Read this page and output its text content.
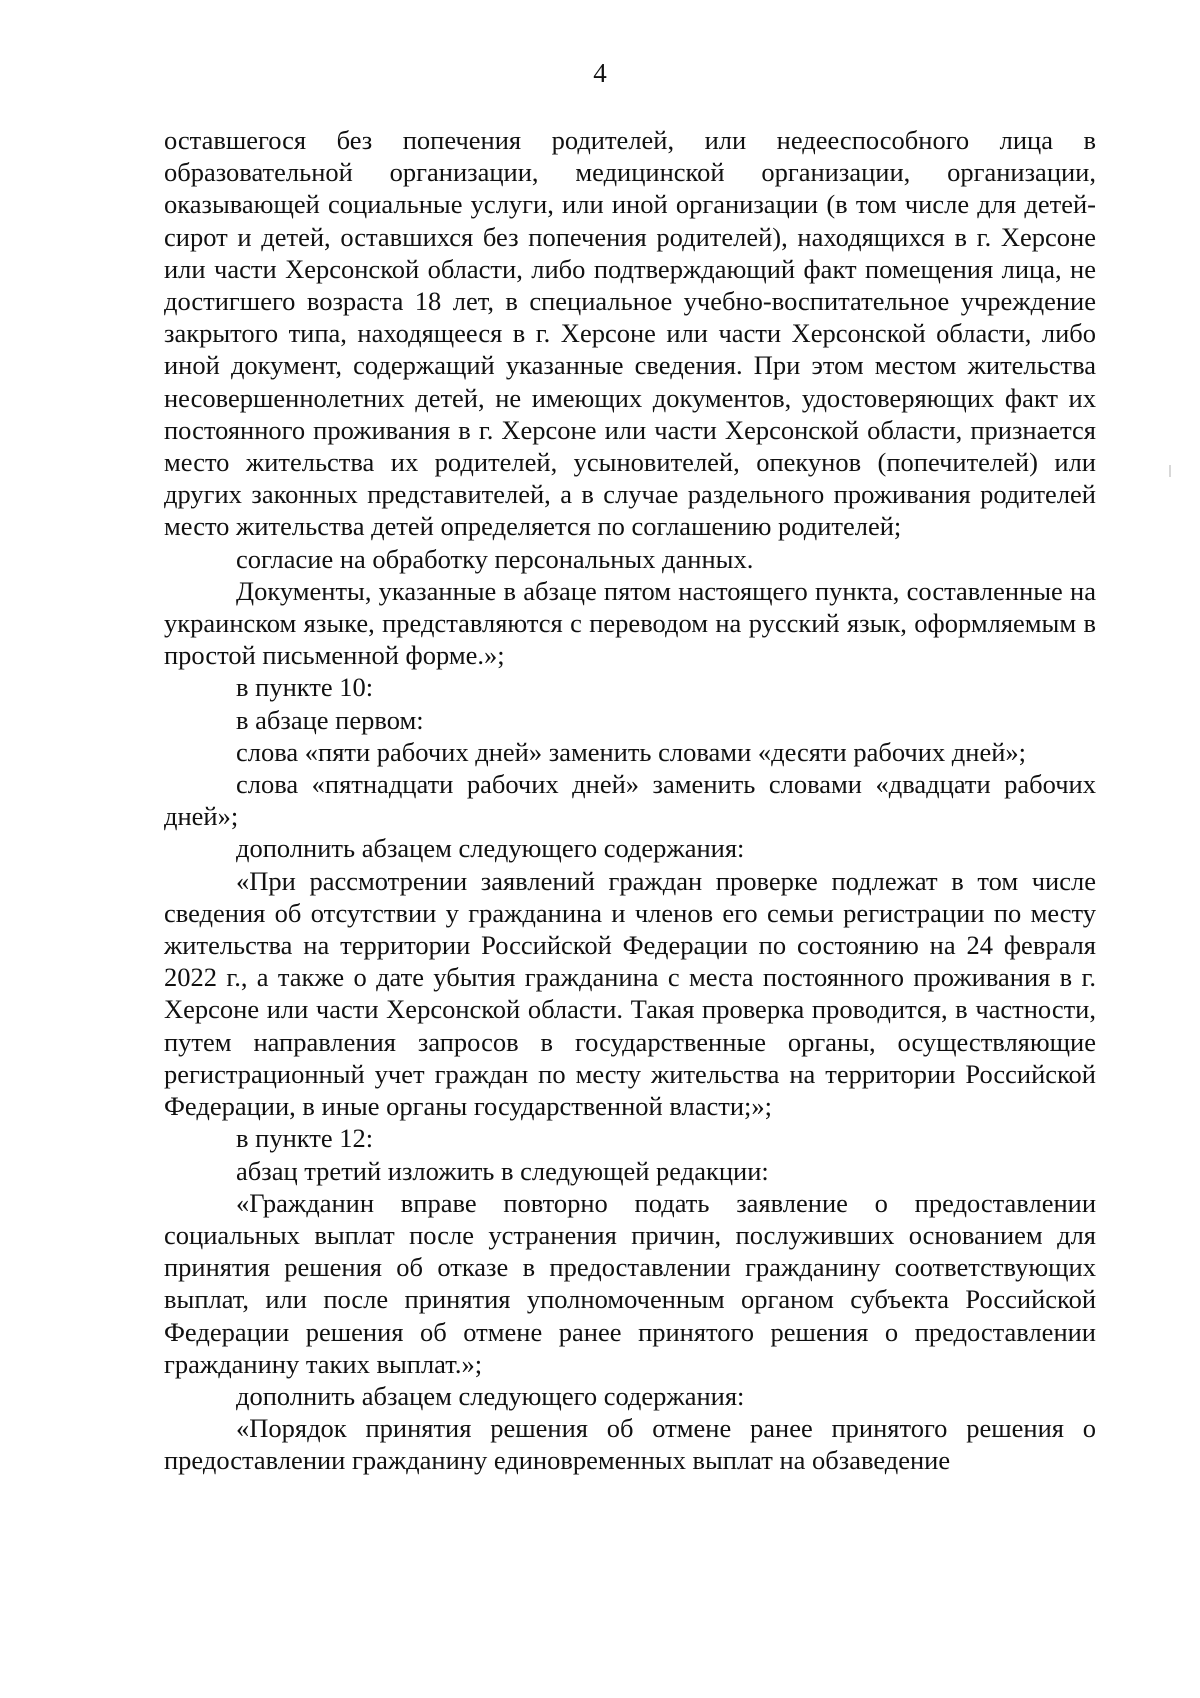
4

оставшегося без попечения родителей, или недееспособного лица в образовательной организации, медицинской организации, организации, оказывающей социальные услуги, или иной организации (в том числе для детей-сирот и детей, оставшихся без попечения родителей), находящихся в г. Херсоне или части Херсонской области, либо подтверждающий факт помещения лица, не достигшего возраста 18 лет, в специальное учебно-воспитательное учреждение закрытого типа, находящееся в г. Херсоне или части Херсонской области, либо иной документ, содержащий указанные сведения. При этом местом жительства несовершеннолетних детей, не имеющих документов, удостоверяющих факт их постоянного проживания в г. Херсоне или части Херсонской области, признается место жительства их родителей, усыновителей, опекунов (попечителей) или других законных представителей, а в случае раздельного проживания родителей место жительства детей определяется по соглашению родителей;

согласие на обработку персональных данных.

Документы, указанные в абзаце пятом настоящего пункта, составленные на украинском языке, представляются с переводом на русский язык, оформляемым в простой письменной форме.»;

в пункте 10:

в абзаце первом:

слова «пяти рабочих дней» заменить словами «десяти рабочих дней»;

слова «пятнадцати рабочих дней» заменить словами «двадцати рабочих дней»;

дополнить абзацем следующего содержания:

«При рассмотрении заявлений граждан проверке подлежат в том числе сведения об отсутствии у гражданина и членов его семьи регистрации по месту жительства на территории Российской Федерации по состоянию на 24 февраля 2022 г., а также о дате убытия гражданина с места постоянного проживания в г. Херсоне или части Херсонской области. Такая проверка проводится, в частности, путем направления запросов в государственные органы, осуществляющие регистрационный учет граждан по месту жительства на территории Российской Федерации, в иные органы государственной власти;»;

в пункте 12:

абзац третий изложить в следующей редакции:

«Гражданин вправе повторно подать заявление о предоставлении социальных выплат после устранения причин, послуживших основанием для принятия решения об отказе в предоставлении гражданину соответствующих выплат, или после принятия уполномоченным органом субъекта Российской Федерации решения об отмене ранее принятого решения о предоставлении гражданину таких выплат.»;

дополнить абзацем следующего содержания:

«Порядок принятия решения об отмене ранее принятого решения о предоставлении гражданину единовременных выплат на обзаведение
